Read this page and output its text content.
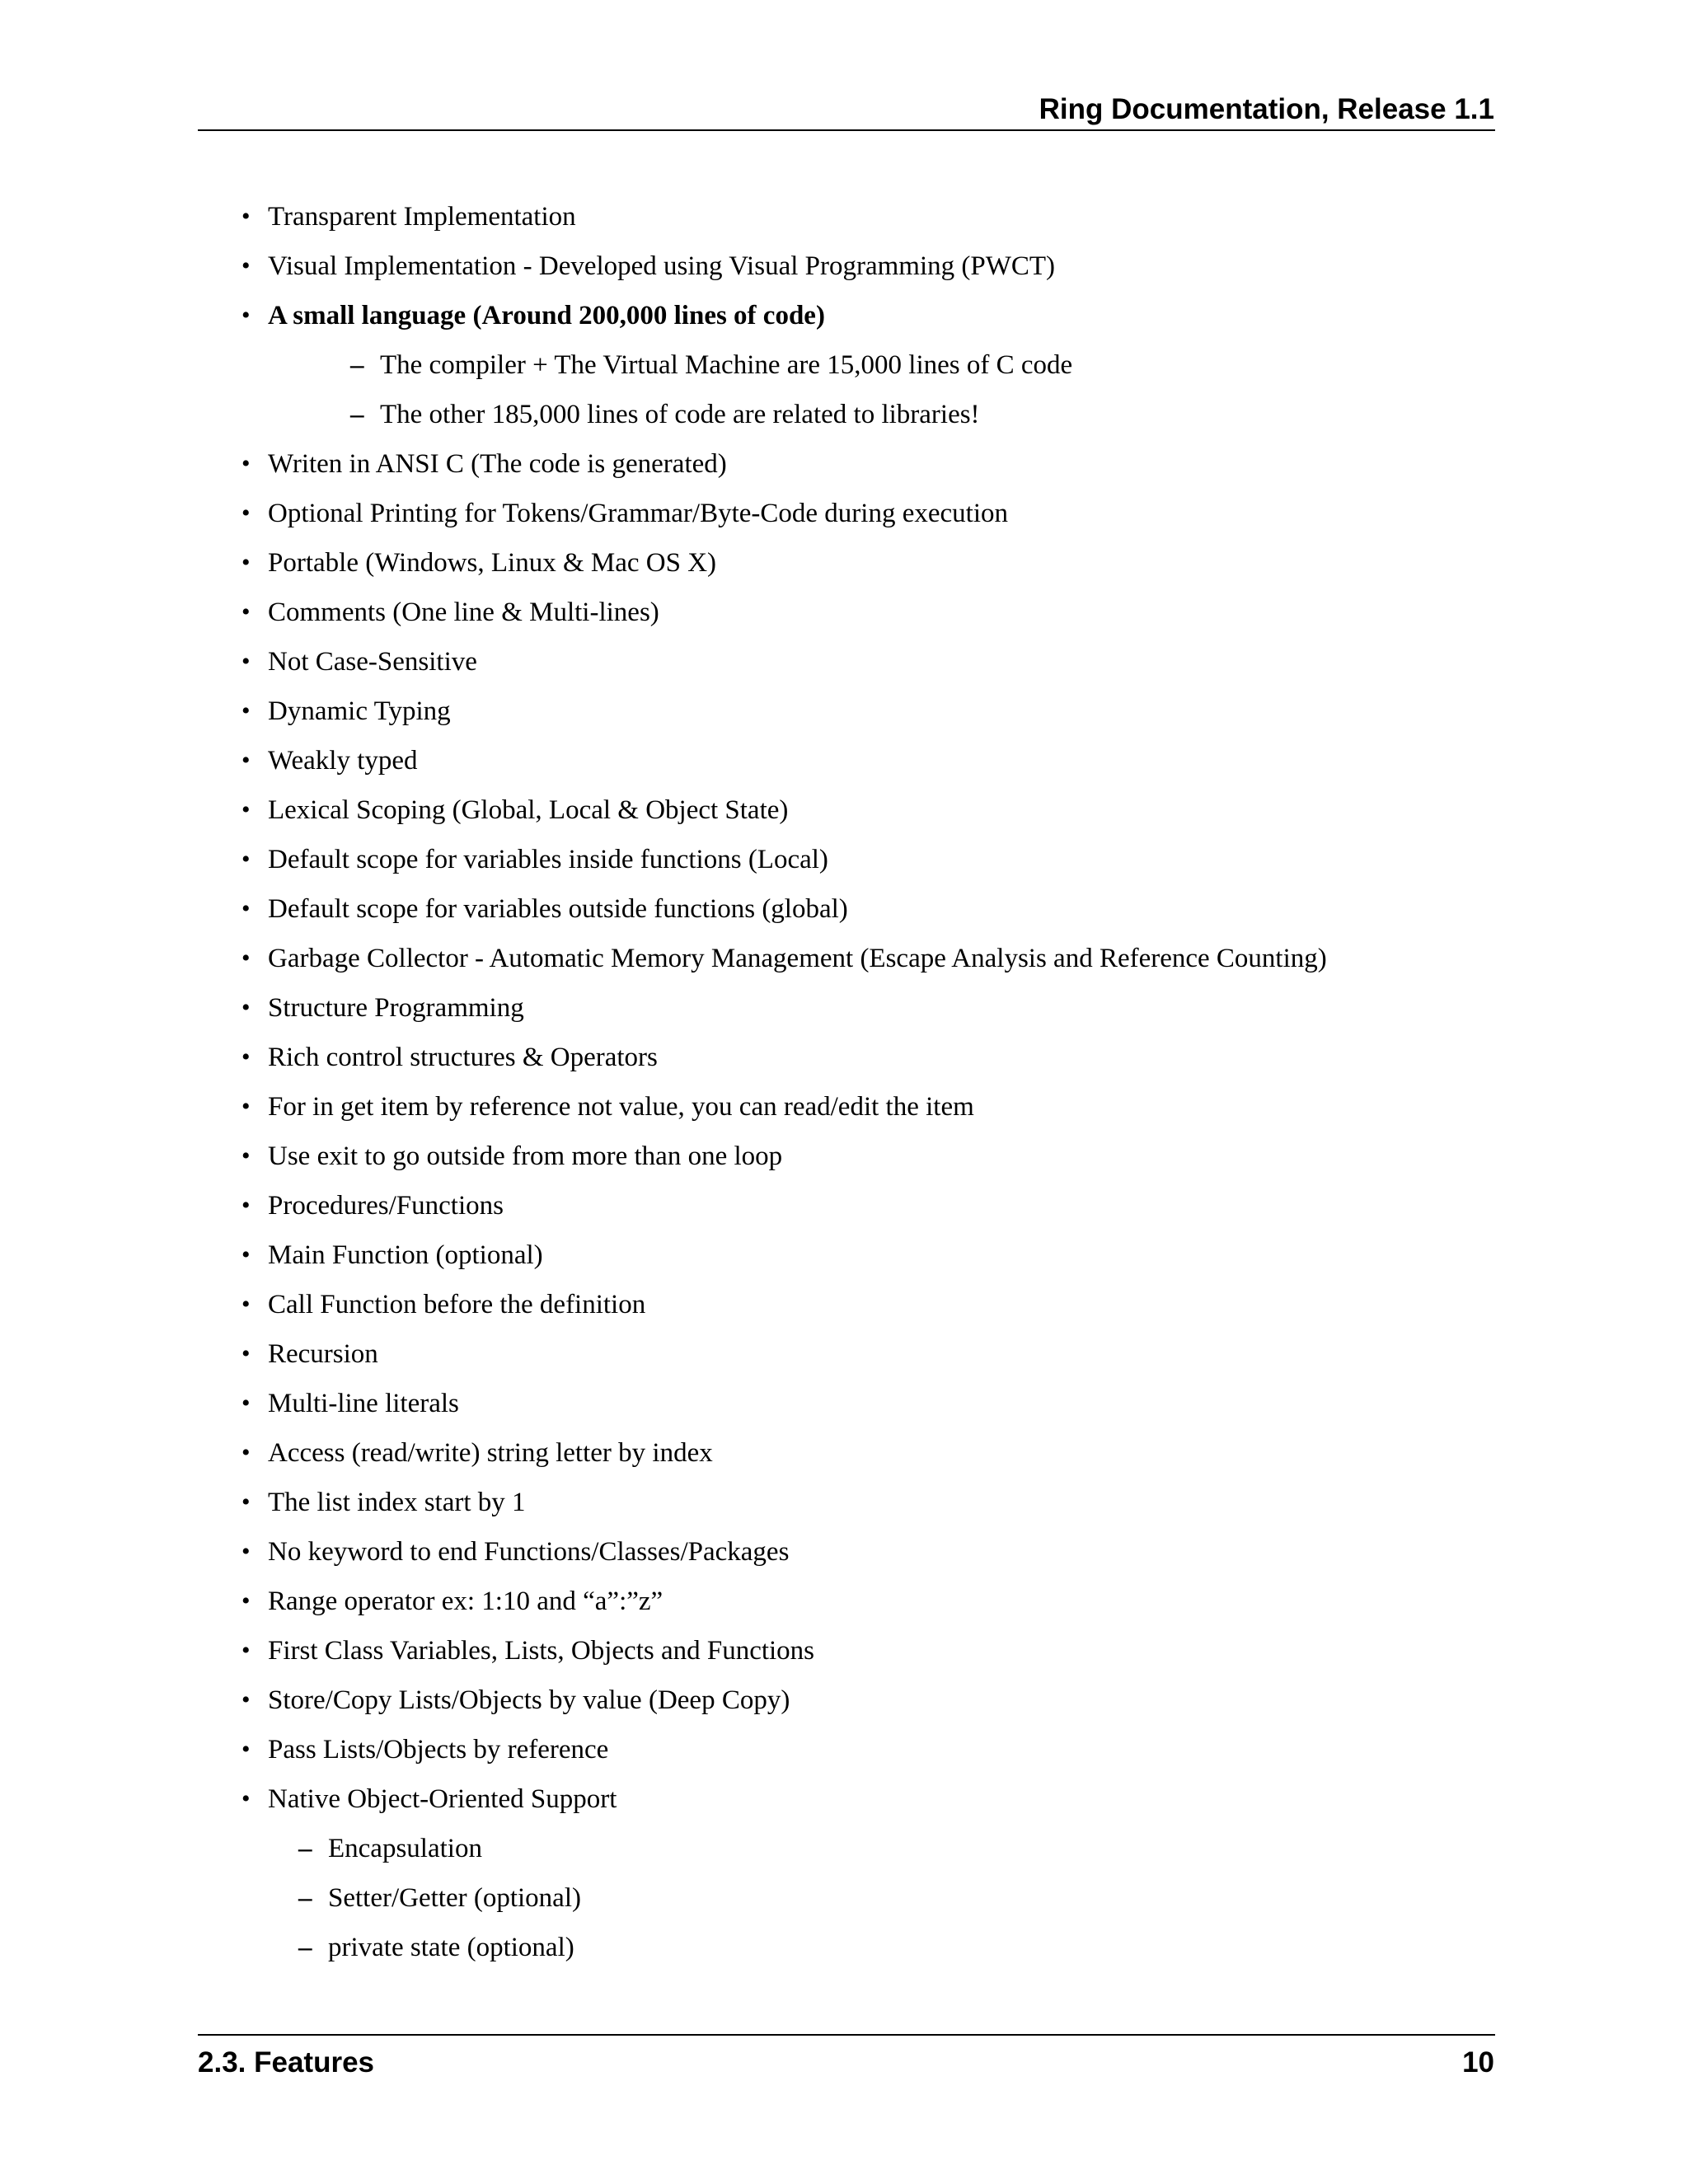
Ring Documentation, Release 1.1
• Transparent Implementation
• Visual Implementation - Developed using Visual Programming (PWCT)
• A small language (Around 200,000 lines of code)
– The compiler + The Virtual Machine are 15,000 lines of C code
– The other 185,000 lines of code are related to libraries!
• Writen in ANSI C (The code is generated)
• Optional Printing for Tokens/Grammar/Byte-Code during execution
• Portable (Windows, Linux & Mac OS X)
• Comments (One line & Multi-lines)
• Not Case-Sensitive
• Dynamic Typing
• Weakly typed
• Lexical Scoping (Global, Local & Object State)
• Default scope for variables inside functions (Local)
• Default scope for variables outside functions (global)
• Garbage Collector - Automatic Memory Management (Escape Analysis and Reference Counting)
• Structure Programming
• Rich control structures & Operators
• For in get item by reference not value, you can read/edit the item
• Use exit to go outside from more than one loop
• Procedures/Functions
• Main Function (optional)
• Call Function before the definition
• Recursion
• Multi-line literals
• Access (read/write) string letter by index
• The list index start by 1
• No keyword to end Functions/Classes/Packages
• Range operator ex: 1:10 and “a”:”z”
• First Class Variables, Lists, Objects and Functions
• Store/Copy Lists/Objects by value (Deep Copy)
• Pass Lists/Objects by reference
• Native Object-Oriented Support
– Encapsulation
– Setter/Getter (optional)
– private state (optional)
2.3. Features	10
